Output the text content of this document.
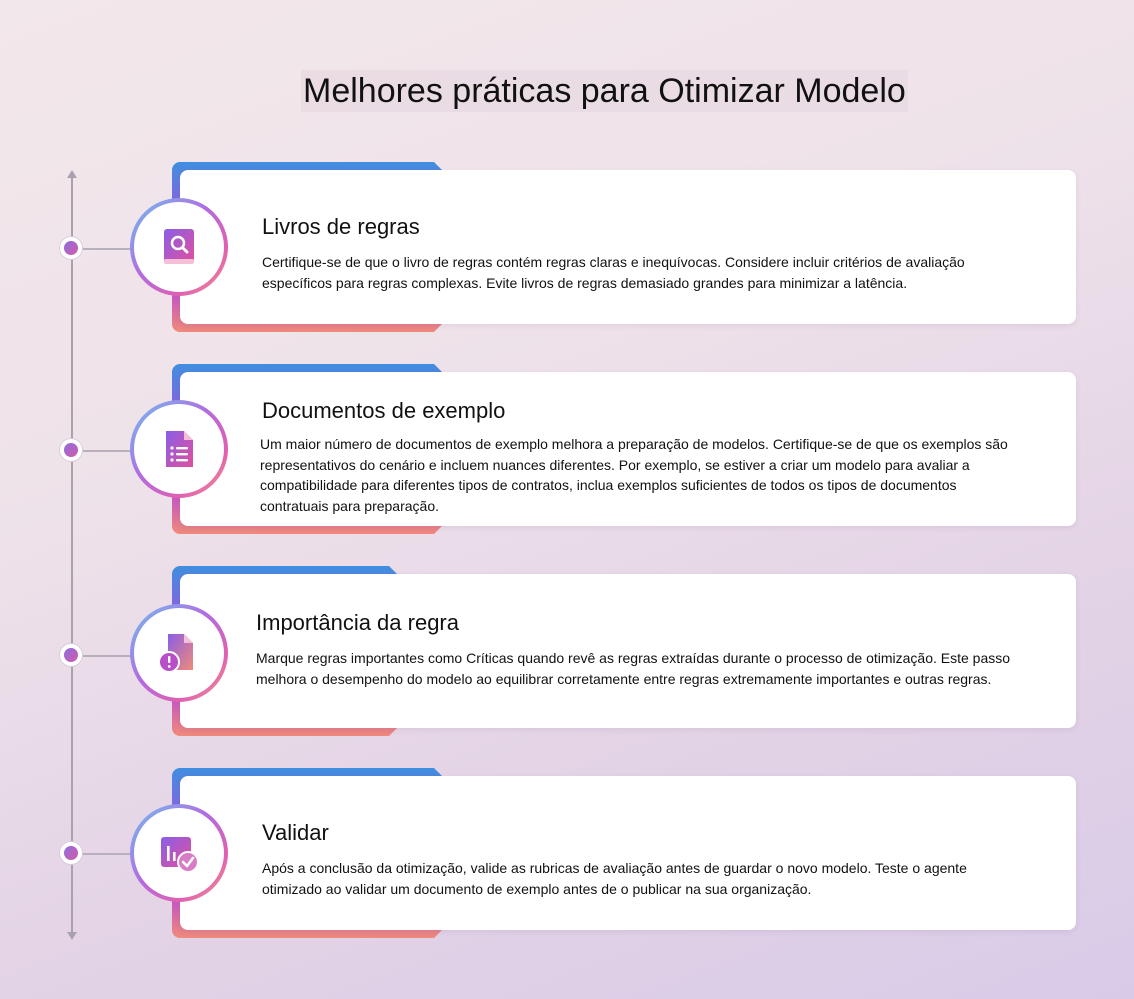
Melhores práticas para Otimizar Modelo
Livros de regras
Certifique-se de que o livro de regras contém regras claras e inequívocas. Considere incluir critérios de avaliação específicos para regras complexas. Evite livros de regras demasiado grandes para minimizar a latência.
Documentos de exemplo
Um maior número de documentos de exemplo melhora a preparação de modelos. Certifique-se de que os exemplos são representativos do cenário e incluem nuances diferentes. Por exemplo, se estiver a criar um modelo para avaliar a compatibilidade para diferentes tipos de contratos, inclua exemplos suficientes de todos os tipos de documentos contratuais para preparação.
Importância da regra
Marque regras importantes como Críticas quando revê as regras extraídas durante o processo de otimização. Este passo melhora o desempenho do modelo ao equilibrar corretamente entre regras extremamente importantes e outras regras.
Validar
Após a conclusão da otimização, valide as rubricas de avaliação antes de guardar o novo modelo. Teste o agente otimizado ao validar um documento de exemplo antes de o publicar na sua organização.
